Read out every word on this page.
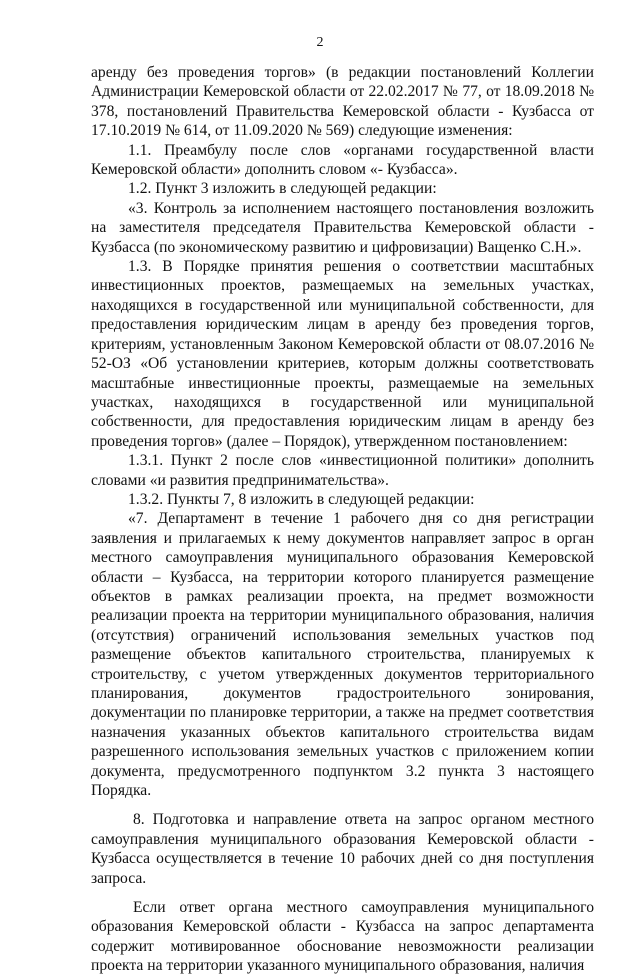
2

аренду без проведения торгов» (в редакции постановлений Коллегии Администрации Кемеровской области от 22.02.2017 № 77, от 18.09.2018 № 378, постановлений Правительства Кемеровской области - Кузбасса от 17.10.2019 № 614, от 11.09.2020 № 569) следующие изменения:

1.1. Преамбулу после слов «органами государственной власти Кемеровской области» дополнить словом «- Кузбасса».

1.2. Пункт 3 изложить в следующей редакции:

«3. Контроль за исполнением настоящего постановления возложить на заместителя председателя Правительства Кемеровской области - Кузбасса (по экономическому развитию и цифровизации) Ващенко С.Н.».

1.3. В Порядке принятия решения о соответствии масштабных инвестиционных проектов, размещаемых на земельных участках, находящихся в государственной или муниципальной собственности, для предоставления юридическим лицам в аренду без проведения торгов, критериям, установленным Законом Кемеровской области от 08.07.2016 № 52-ОЗ «Об установлении критериев, которым должны соответствовать масштабные инвестиционные проекты, размещаемые на земельных участках, находящихся в государственной или муниципальной собственности, для предоставления юридическим лицам в аренду без проведения торгов» (далее – Порядок), утвержденном постановлением:

1.3.1. Пункт 2 после слов «инвестиционной политики» дополнить словами «и развития предпринимательства».

1.3.2. Пункты 7, 8 изложить в следующей редакции:

«7. Департамент в течение 1 рабочего дня со дня регистрации заявления и прилагаемых к нему документов направляет запрос в орган местного самоуправления муниципального образования Кемеровской области – Кузбасса, на территории которого планируется размещение объектов в рамках реализации проекта, на предмет возможности реализации проекта на территории муниципального образования, наличия (отсутствия) ограничений использования земельных участков под размещение объектов капитального строительства, планируемых к строительству, с учетом утвержденных документов территориального планирования, документов градостроительного зонирования, документации по планировке территории, а также на предмет соответствия назначения указанных объектов капитального строительства видам разрешенного использования земельных участков с приложением копии документа, предусмотренного подпунктом 3.2 пункта 3 настоящего Порядка.

8. Подготовка и направление ответа на запрос органом местного самоуправления муниципального образования Кемеровской области - Кузбасса осуществляется в течение 10 рабочих дней со дня поступления запроса.

Если ответ органа местного самоуправления муниципального образования Кемеровской области - Кузбасса на запрос департамента содержит мотивированное обоснование невозможности реализации проекта на территории указанного муниципального образования, наличия
